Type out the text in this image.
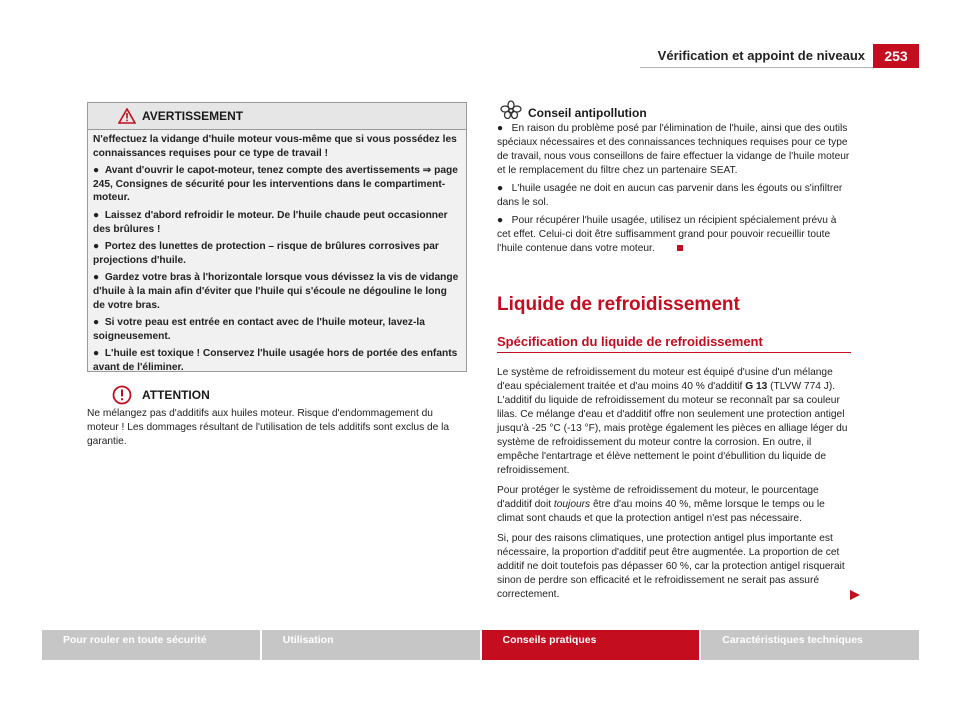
Vérification et appoint de niveaux	253
AVERTISSEMENT

N'effectuez la vidange d'huile moteur vous-même que si vous possédez les connaissances requises pour ce type de travail !

●  Avant d'ouvrir le capot-moteur, tenez compte des avertissements ⇒ page 245, Consignes de sécurité pour les interventions dans le compartiment-moteur.

●  Laissez d'abord refroidir le moteur. De l'huile chaude peut occasionner des brûlures !

●  Portez des lunettes de protection – risque de brûlures corrosives par projections d'huile.

●  Gardez votre bras à l'horizontale lorsque vous dévissez la vis de vidange d'huile à la main afin d'éviter que l'huile qui s'écoule ne dégouline le long de votre bras.

●  Si votre peau est entrée en contact avec de l'huile moteur, lavez-la soigneusement.

●  L'huile est toxique ! Conservez l'huile usagée hors de portée des enfants avant de l'éliminer.

ATTENTION

Ne mélangez pas d'additifs aux huiles moteur. Risque d'endommagement du moteur ! Les dommages résultant de l'utilisation de tels additifs sont exclus de la garantie.

Conseil antipollution

●   En raison du problème posé par l'élimination de l'huile, ainsi que des outils spéciaux nécessaires et des connaissances techniques requises pour ce type de travail, nous vous conseillons de faire effectuer la vidange de l'huile moteur et le remplacement du filtre chez un partenaire SEAT.

●   L'huile usagée ne doit en aucun cas parvenir dans les égouts ou s'infiltrer dans le sol.

●   Pour récupérer l'huile usagée, utilisez un récipient spécialement prévu à cet effet. Celui-ci doit être suffisamment grand pour pouvoir recueillir toute l'huile contenue dans votre moteur.

Liquide de refroidissement
Spécification du liquide de refroidissement

Le système de refroidissement du moteur est équipé d'usine d'un mélange d'eau spécialement traitée et d'au moins 40 % d'additif G 13 (TLVW 774 J). L'additif du liquide de refroidissement du moteur se reconnaît par sa couleur lilas. Ce mélange d'eau et d'additif offre non seulement une protection antigel jusqu'à -25 °C (-13 °F), mais protège également les pièces en alliage léger du système de refroidissement du moteur contre la corrosion. En outre, il empêche l'entartrage et élève nettement le point d'ébullition du liquide de refroidissement.

Pour protéger le système de refroidissement du moteur, le pourcentage d'additif doit toujours être d'au moins 40 %, même lorsque le temps ou le climat sont chauds et que la protection antigel n'est pas nécessaire.

Si, pour des raisons climatiques, une protection antigel plus importante est nécessaire, la proportion d'additif peut être augmentée. La proportion de cet additif ne doit toutefois pas dépasser 60 %, car la protection antigel risquerait sinon de perdre son efficacité et le refroidissement ne serait pas assuré correctement.

Pour rouler en toute sécurité	Utilisation	Conseils pratiques	Caractéristiques techniques
